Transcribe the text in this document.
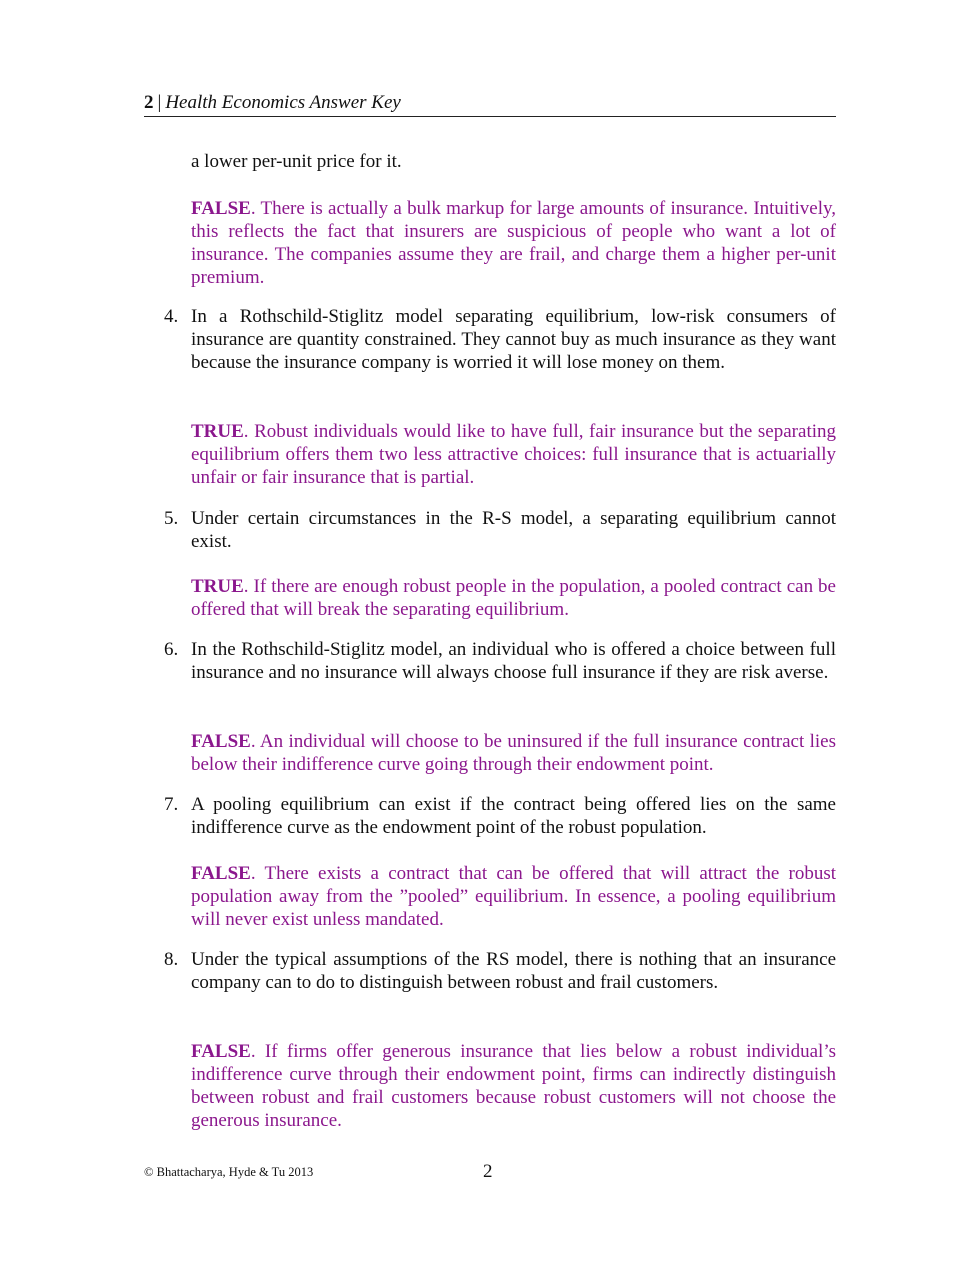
2 | Health Economics Answer Key
a lower per-unit price for it.
FALSE. There is actually a bulk markup for large amounts of insurance. Intuitively, this reflects the fact that insurers are suspicious of people who want a lot of insurance. The companies assume they are frail, and charge them a higher per-unit premium.
4. In a Rothschild-Stiglitz model separating equilibrium, low-risk consumers of insurance are quantity constrained. They cannot buy as much insurance as they want because the insurance company is worried it will lose money on them.
TRUE. Robust individuals would like to have full, fair insurance but the separating equilibrium offers them two less attractive choices: full insurance that is actuarially unfair or fair insurance that is partial.
5. Under certain circumstances in the R-S model, a separating equilibrium cannot exist.
TRUE. If there are enough robust people in the population, a pooled contract can be offered that will break the separating equilibrium.
6. In the Rothschild-Stiglitz model, an individual who is offered a choice between full insurance and no insurance will always choose full insurance if they are risk averse.
FALSE. An individual will choose to be uninsured if the full insurance contract lies below their indifference curve going through their endowment point.
7. A pooling equilibrium can exist if the contract being offered lies on the same indifference curve as the endowment point of the robust population.
FALSE. There exists a contract that can be offered that will attract the robust population away from the ”pooled” equilibrium. In essence, a pooling equilibrium will never exist unless mandated.
8. Under the typical assumptions of the RS model, there is nothing that an insurance company can to do to distinguish between robust and frail customers.
FALSE. If firms offer generous insurance that lies below a robust individual’s indifference curve through their endowment point, firms can indirectly distinguish between robust and frail customers because robust customers will not choose the generous insurance.
© Bhattacharya, Hyde & Tu 2013	2
